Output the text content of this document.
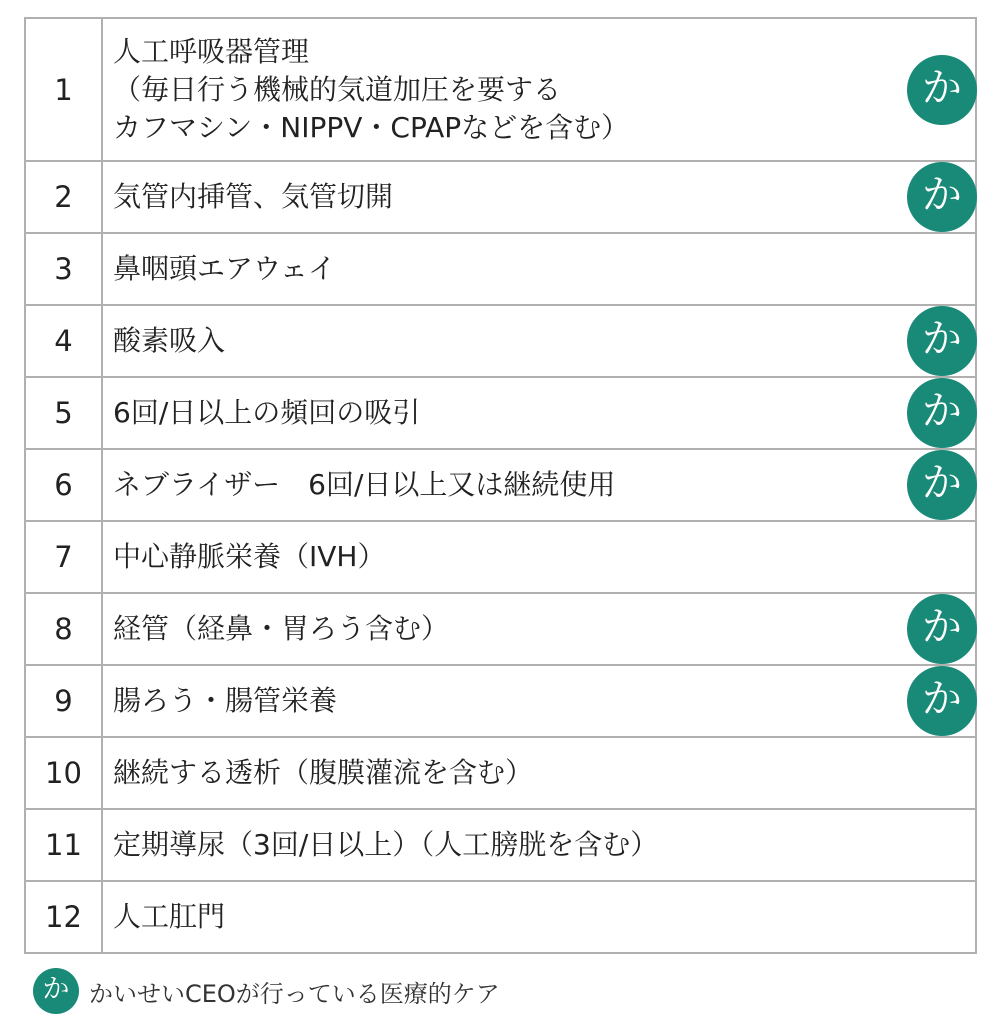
1	人工呼吸器管理
（毎日行う機械的気道加圧を要する
カフマシン・NIPPV・CPAPなどを含む）
か

2	気管内挿管、気管切開 か

3	鼻咽頭エアウェイ

4	酸素吸入 か

5	6回/日以上の頻回の吸引 か

6	ネブライザー　6回/日以上又は継続使用 か

7	中心静脈栄養（IVH）

8	経管（経鼻・胃ろう含む） か

9	腸ろう・腸管栄養 か

10	継続する透析（腹膜灌流を含む）

11	定期導尿（3回/日以上）（人工膀胱を含む）

12	人工肛門
か かいせいCEOが行っている医療的ケア
